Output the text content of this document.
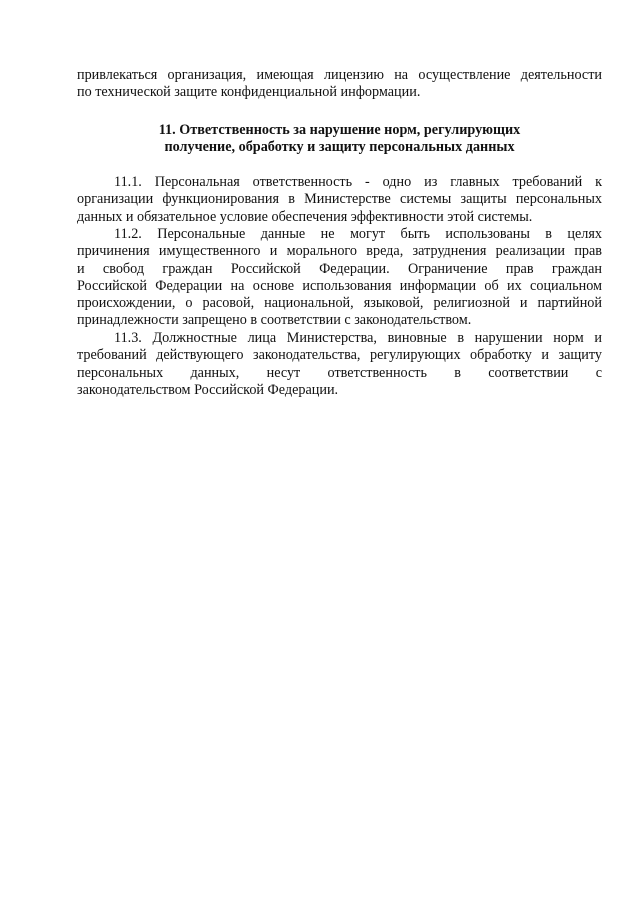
привлекаться организация, имеющая лицензию на осуществление деятельности
по технической защите конфиденциальной информации.
11. Ответственность за нарушение норм, регулирующих
получение, обработку и защиту персональных данных
11.1. Персональная ответственность - одно из главных требований к
организации функционирования в Министерстве системы защиты персональных
данных и обязательное условие обеспечения эффективности этой системы.
11.2. Персональные данные не могут быть использованы в целях
причинения имущественного и морального вреда, затруднения реализации прав
и свобод граждан Российской Федерации. Ограничение прав граждан
Российской Федерации на основе использования информации об их социальном
происхождении, о расовой, национальной, языковой, религиозной и партийной
принадлежности запрещено в соответствии с законодательством.
11.3. Должностные лица Министерства, виновные в нарушении норм и
требований действующего законодательства, регулирующих обработку и защиту
персональных данных, несут ответственность в соответствии с
законодательством Российской Федерации.
